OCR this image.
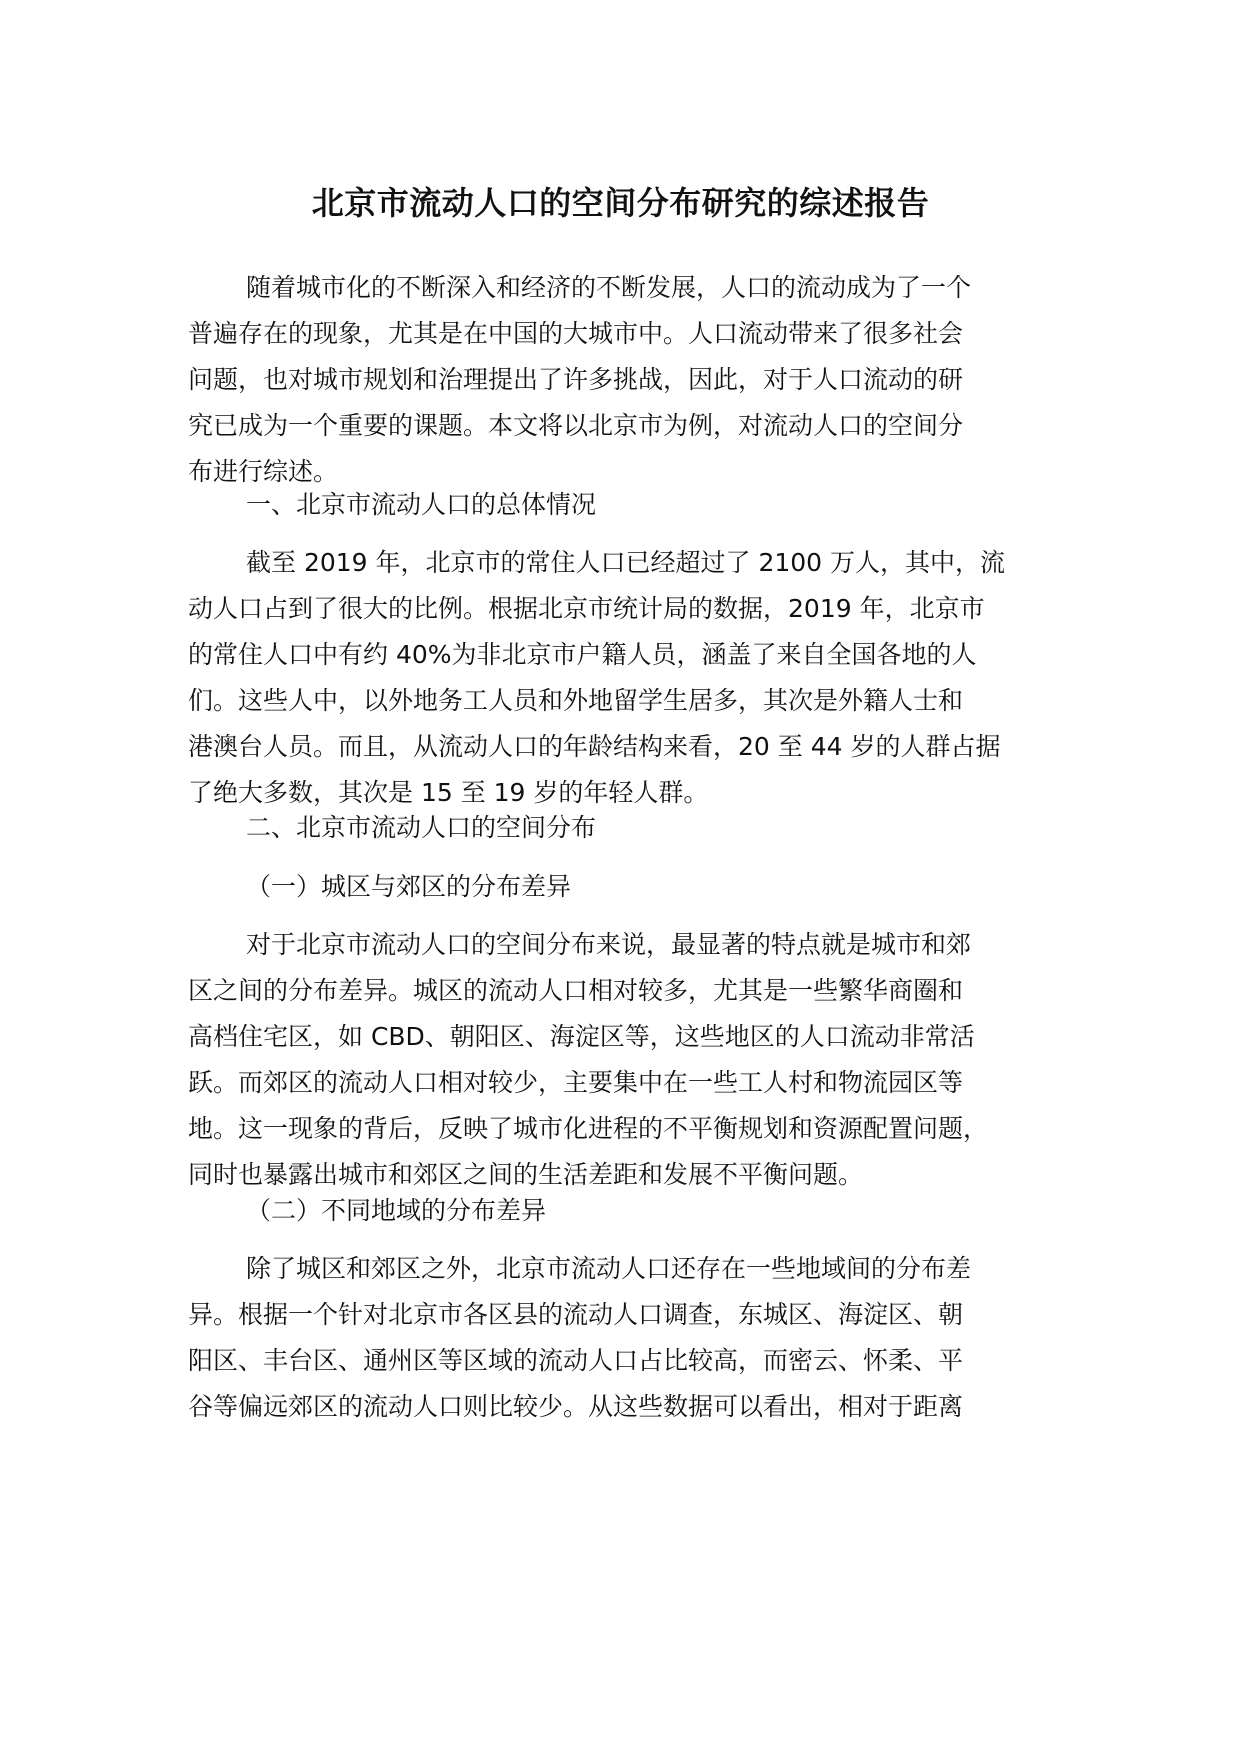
北京市流动人口的空间分布研究的综述报告

随着城市化的不断深入和经济的不断发展，人口的流动成为了一个
普遍存在的现象，尤其是在中国的大城市中。人口流动带来了很多社会
问题，也对城市规划和治理提出了许多挑战，因此，对于人口流动的研
究已成为一个重要的课题。本文将以北京市为例，对流动人口的空间分
布进行综述。

一、北京市流动人口的总体情况

截至 2019 年，北京市的常住人口已经超过了 2100 万人，其中，流
动人口占到了很大的比例。根据北京市统计局的数据，2019 年，北京市
的常住人口中有约 40%为非北京市户籍人员，涵盖了来自全国各地的人
们。这些人中，以外地务工人员和外地留学生居多，其次是外籍人士和
港澳台人员。而且，从流动人口的年龄结构来看，20 至 44 岁的人群占据
了绝大多数，其次是 15 至 19 岁的年轻人群。

二、北京市流动人口的空间分布

（一）城区与郊区的分布差异

对于北京市流动人口的空间分布来说，最显著的特点就是城市和郊
区之间的分布差异。城区的流动人口相对较多，尤其是一些繁华商圈和
高档住宅区，如 CBD、朝阳区、海淀区等，这些地区的人口流动非常活
跃。而郊区的流动人口相对较少，主要集中在一些工人村和物流园区等
地。这一现象的背后，反映了城市化进程的不平衡规划和资源配置问题，
同时也暴露出城市和郊区之间的生活差距和发展不平衡问题。

（二）不同地域的分布差异

除了城区和郊区之外，北京市流动人口还存在一些地域间的分布差
异。根据一个针对北京市各区县的流动人口调查，东城区、海淀区、朝
阳区、丰台区、通州区等区域的流动人口占比较高，而密云、怀柔、平
谷等偏远郊区的流动人口则比较少。从这些数据可以看出，相对于距离
